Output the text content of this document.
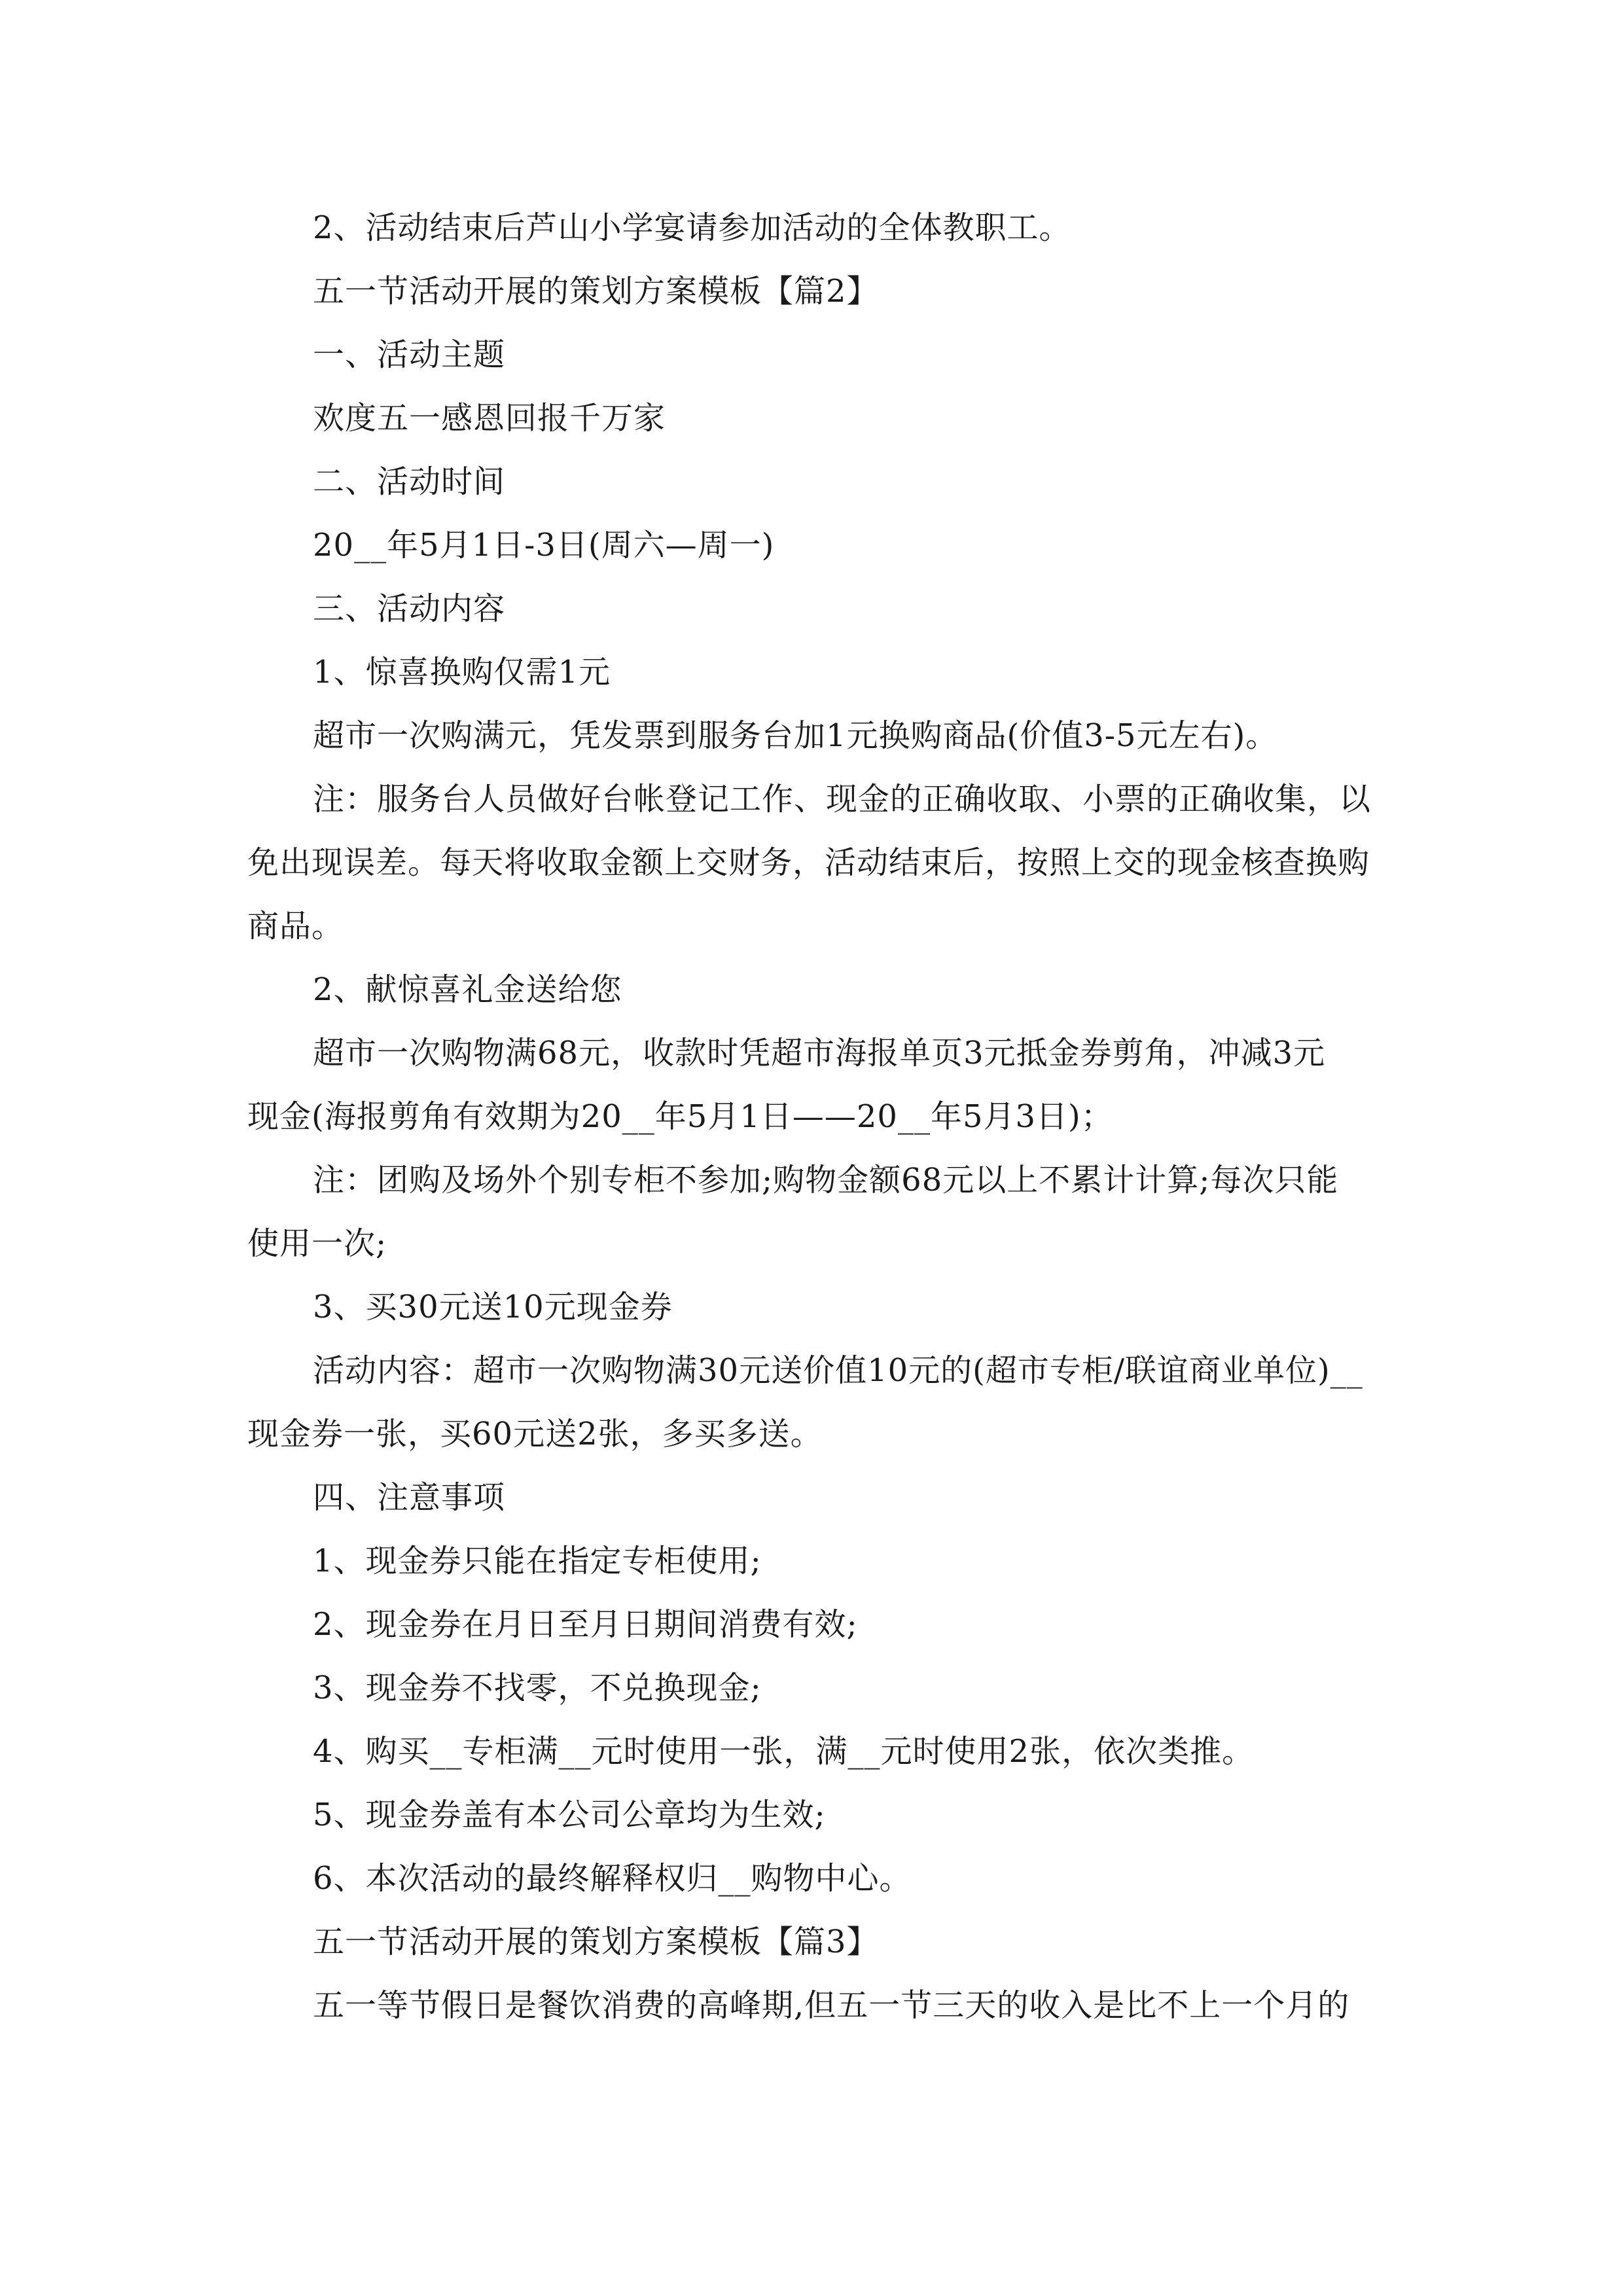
2、活动结束后芦山小学宴请参加活动的全体教职工。
五一节活动开展的策划方案模板【篇2】
一、活动主题
欢度五一感恩回报千万家
二、活动时间
20__年5月1日-3日(周六—周一)
三、活动内容
1、惊喜换购仅需1元
超市一次购满元，凭发票到服务台加1元换购商品(价值3-5元左右)。
注：服务台人员做好台帐登记工作、现金的正确收取、小票的正确收集，以
免出现误差。每天将收取金额上交财务，活动结束后，按照上交的现金核查换购
商品。
2、献惊喜礼金送给您
超市一次购物满68元，收款时凭超市海报单页3元抵金券剪角，冲减3元
现金(海报剪角有效期为20__年5月1日——20__年5月3日)；
注：团购及场外个别专柜不参加;购物金额68元以上不累计计算;每次只能
使用一次;
3、买30元送10元现金券
活动内容：超市一次购物满30元送价值10元的(超市专柜/联谊商业单位)__
现金券一张，买60元送2张，多买多送。
四、注意事项
1、现金券只能在指定专柜使用;
2、现金券在月日至月日期间消费有效;
3、现金券不找零，不兑换现金;
4、购买__专柜满__元时使用一张，满__元时使用2张，依次类推。
5、现金券盖有本公司公章均为生效;
6、本次活动的最终解释权归__购物中心。
五一节活动开展的策划方案模板【篇3】
五一等节假日是餐饮消费的高峰期,但五一节三天的收入是比不上一个月的
